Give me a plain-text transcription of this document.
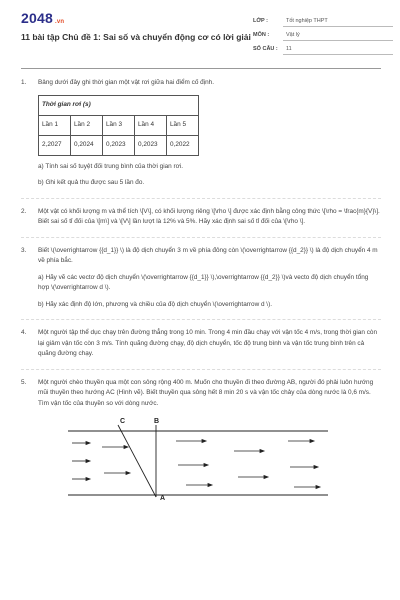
2048 .vn
11 bài tập Chủ đề 1: Sai số và chuyển động cơ có lời giải
LỚP :	Tốt nghiệp THPT
MÔN :	Vật lý
SỐ CÂU :	11
1. Bảng dưới đây ghi thời gian một vật rơi giữa hai điểm cố định.
Thời gian rơi (s)				
Lần 1	Lần 2	Lần 3	Lần 4	Lần 5
2,2027	0,2024	0,2023	0,2023	0,2022
a) Tính sai số tuyệt đối trung bình của thời gian rơi.
b) Ghi kết quả thu được sau 5 lần đo.
2. Một vật có khối lượng m và thể tích \[V\], có khối lượng riêng \[\rho \] được xác định bằng công thức \[\rho = \frac{m}{V}\]. Biết sai số tỉ đối của \[m\] và \[V\] lần lượt là 12% và 5%. Hãy xác định sai số tỉ đối của \[\rho \].
3. Biết \(\overrightarrow {{d_1}} \) là độ dịch chuyển 3 m về phía đông còn \(\overrightarrow {{d_2}} \) là độ dịch chuyển 4 m về phía bắc.
a) Hãy vẽ các vectơ độ dịch chuyển \(\overrightarrow {{d_1}} \),\overrightarrow {{d_2}} \)và vecto độ dịch chuyển tổng hợp \(\overrightarrow d \).
b) Hãy xác định độ lớn, phương và chiều của độ dịch chuyển \(\overrightarrow d \).
4. Một người tập thể dục chạy trên đường thẳng trong 10 min. Trong 4 min đầu chạy với vận tốc 4 m/s, trong thời gian còn lại giảm vận tốc còn 3 m/s. Tính quãng đường chạy, độ dịch chuyển, tốc độ trung bình và vận tốc trung bình trên cả quãng đường chạy.
5. Một người chèo thuyền qua một con sông rộng 400 m. Muốn cho thuyền đi theo đường AB, người đó phải luôn hướng mũi thuyền theo hướng AC (Hình vẽ). Biết thuyền qua sông hết 8 min 20 s và vận tốc chảy của dòng nước là 0,6 m/s. Tìm vận tốc của thuyền so với dòng nước.
C	B
A
